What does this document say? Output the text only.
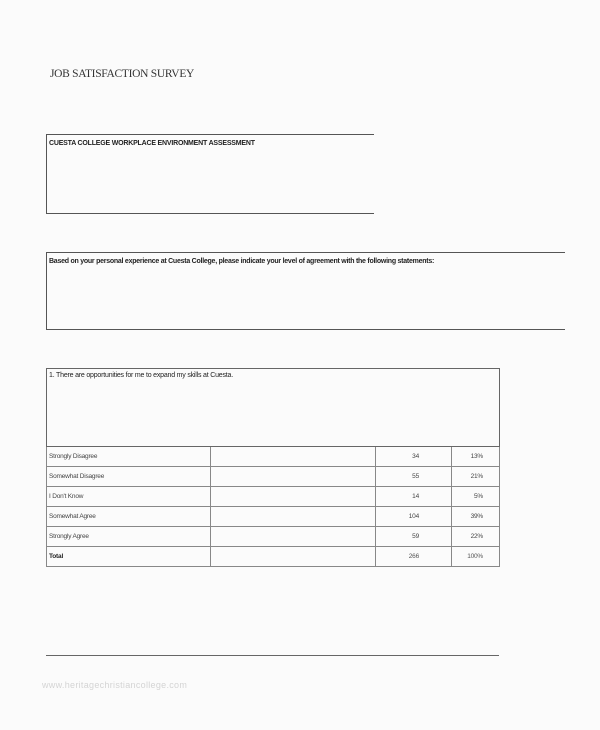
JOB SATISFACTION SURVEY
CUESTA COLLEGE WORKPLACE ENVIRONMENT ASSESSMENT
Based on your personal experience at Cuesta College, please indicate your level of agreement with the following statements:
1. There are opportunities for me to expand my skills at Cuesta.			
Strongly Disagree		34	13%
Somewhat Disagree		55	21%
I Don't Know		14	5%
Somewhat Agree		104	39%
Strongly Agree		59	22%
Total		266	100%
www.heritagechristiancollege.com
